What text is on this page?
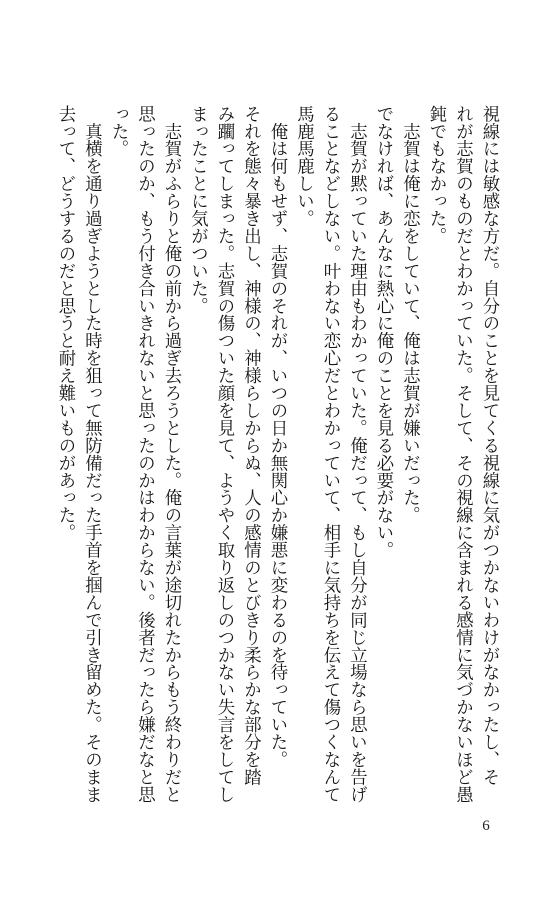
視線には敏感な方だ。自分のことを見てくる視線に気がつかないわけがなかったし、そ
れが志賀のものだとわかっていた。そして、その視線に含まれる感情に気づかないほど愚
鈍でもなかった。
　志賀は俺に恋をしていて、俺は志賀が嫌いだった。
でなければ、あんなに熱心に俺のことを見る必要がない。
　志賀が黙っていた理由もわかっていた。俺だって、もし自分が同じ立場なら思いを告げ
ることなどしない。叶わない恋心だとわかっていて、相手に気持ちを伝えて傷つくなんて
馬鹿馬鹿しい。
　俺は何もせず、志賀のそれが、いつの日か無関心か嫌悪に変わるのを待っていた。
それを態々暴き出し、神様の、神様らしからぬ、人の感情のとびきり柔らかな部分を踏
み躙ってしまった。志賀の傷ついた顔を見て、ようやく取り返しのつかない失言をしてし
まったことに気がついた。
　志賀がふらりと俺の前から過ぎ去ろうとした。俺の言葉が途切れたからもう終わりだと
思ったのか、もう付き合いきれないと思ったのかはわからない。後者だったら嫌だなと思
った。
　真横を通り過ぎようとした時を狙って無防備だった手首を掴んで引き留めた。そのまま
去って、どうするのだと思うと耐え難いものがあった。
6
